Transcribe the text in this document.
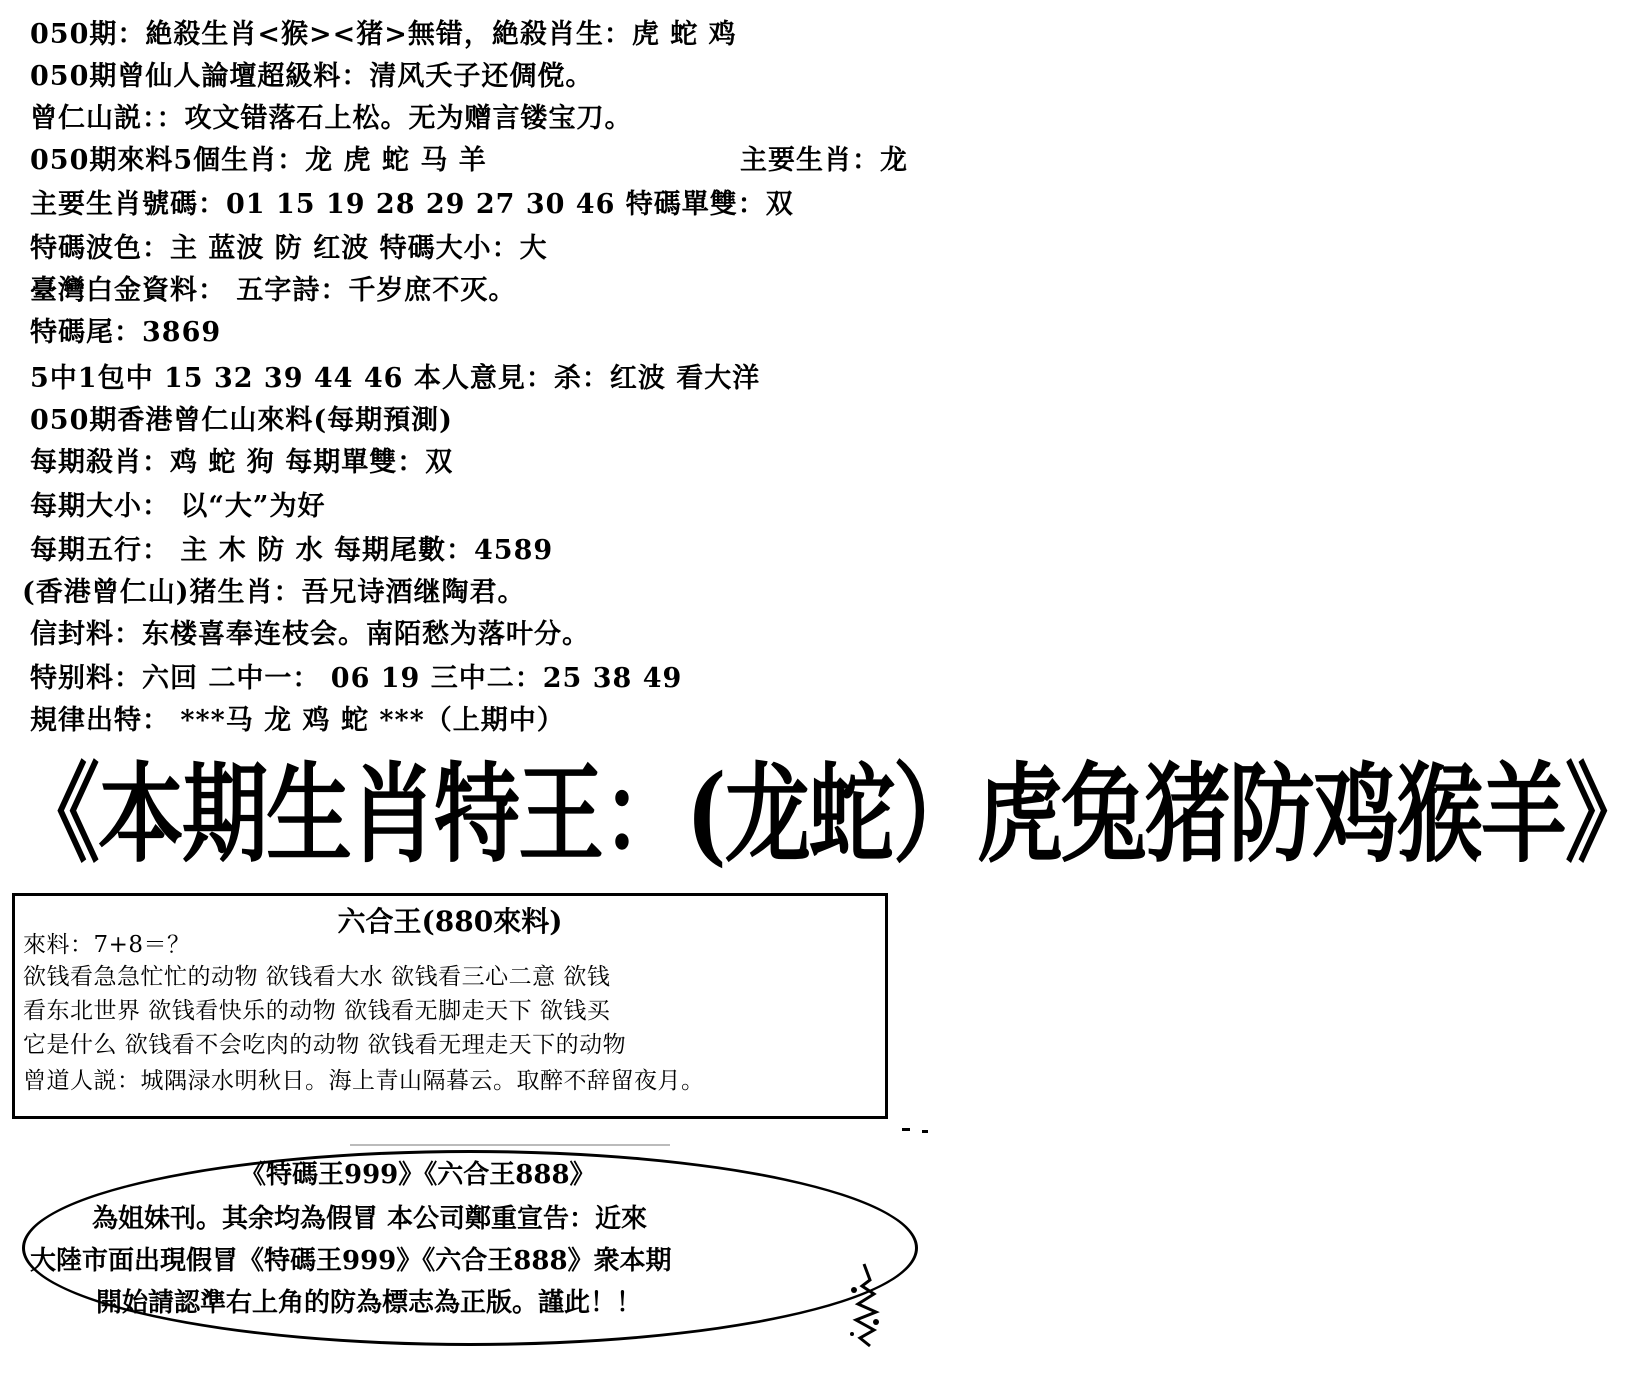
050期：絶殺生肖<猴><猪>無错，絶殺肖生：虎 蛇 鸡
050期曾仙人論壇超級料：清风夭子还倜傥。
曾仁山説：：攻文错落石上松。无为赠言镂宝刀。
050期來料5個生肖：龙 虎 蛇 马 羊	主要生肖：龙
主要生肖號碼：01 15 19 28 29 27 30 46 特碼單雙：双
特碼波色：主 蓝波 防 红波 特碼大小：大
臺灣白金資料： 五字詩：千岁庶不灭。
特碼尾：3869
5中1包中 15 32 39 44 46 本人意見：杀：红波 看大洋
050期香港曾仁山來料(每期預測)
每期殺肖：鸡 蛇 狗 每期單雙：双
每期大小： 以“大”为好
每期五行： 主 木 防 水 每期尾數：4589
(香港曾仁山)猪生肖：吾兄诗酒继陶君。
信封料：东楼喜奉连枝会。南陌愁为落叶分。
特别料：六回 二中一： 06 19 三中二：25 38 49
規律出特： ***马 龙 鸡 蛇 ***（上期中）
《本期生肖特王：(龙蛇）虎兔猪防鸡猴羊》
六合王(880來料)
來料：7+8＝？
欲钱看急急忙忙的动物 欲钱看大水 欲钱看三心二意 欲钱
看东北世界 欲钱看快乐的动物 欲钱看无脚走天下 欲钱买
它是什么 欲钱看不会吃肉的动物 欲钱看无理走天下的动物
曾道人説：城隅渌水明秋日。海上青山隔暮云。取醉不辞留夜月。
《特碼王999》《六合王888》
為姐妹刊。其余均為假冒 本公司鄭重宣告：近來
大陸市面出現假冒《特碼王999》《六合王888》衆本期
開始請認準右上角的防為標志為正版。謹此！！
